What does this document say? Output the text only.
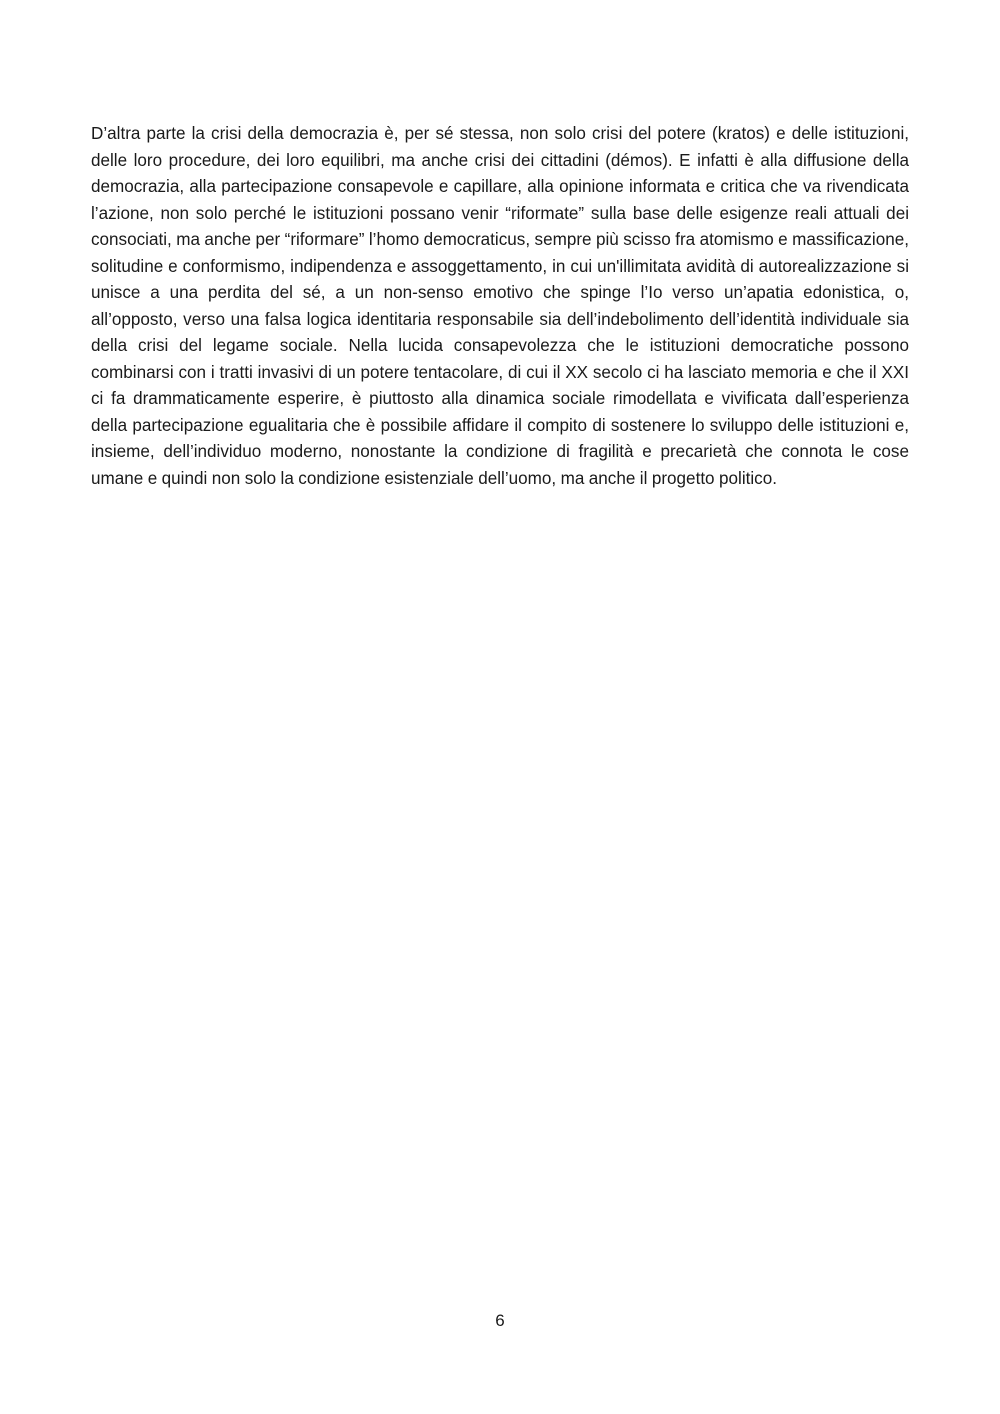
D’altra parte la crisi della democrazia è, per sé stessa, non solo crisi del potere (kratos) e delle istituzioni, delle loro procedure, dei loro equilibri, ma anche crisi dei cittadini (démos). E infatti è alla diffusione della democrazia, alla partecipazione consapevole e capillare, alla opinione informata e critica che va rivendicata l’azione, non solo perché le istituzioni possano venir “riformate” sulla base delle esigenze reali attuali dei consociati, ma anche per “riformare” l’homo democraticus, sempre più scisso fra atomismo e massificazione, solitudine e conformismo, indipendenza e assoggettamento, in cui un'illimitata avidità di autorealizzazione si unisce a una perdita del sé, a un non-senso emotivo che spinge l’Io verso un’apatia edonistica, o, all’opposto, verso una falsa logica identitaria responsabile sia dell’indebolimento dell’identità individuale sia della crisi del legame sociale. Nella lucida consapevolezza che le istituzioni democratiche possono combinarsi con i tratti invasivi di un potere tentacolare, di cui il XX secolo ci ha lasciato memoria e che il XXI ci fa drammaticamente esperire, è piuttosto alla dinamica sociale rimodellata e vivificata dall’esperienza della partecipazione egualitaria che è possibile affidare il compito di sostenere lo sviluppo delle istituzioni e, insieme, dell’individuo moderno, nonostante la condizione di fragilità e precarietà che connota le cose umane e quindi non solo la condizione esistenziale dell’uomo, ma anche il progetto politico.

6
